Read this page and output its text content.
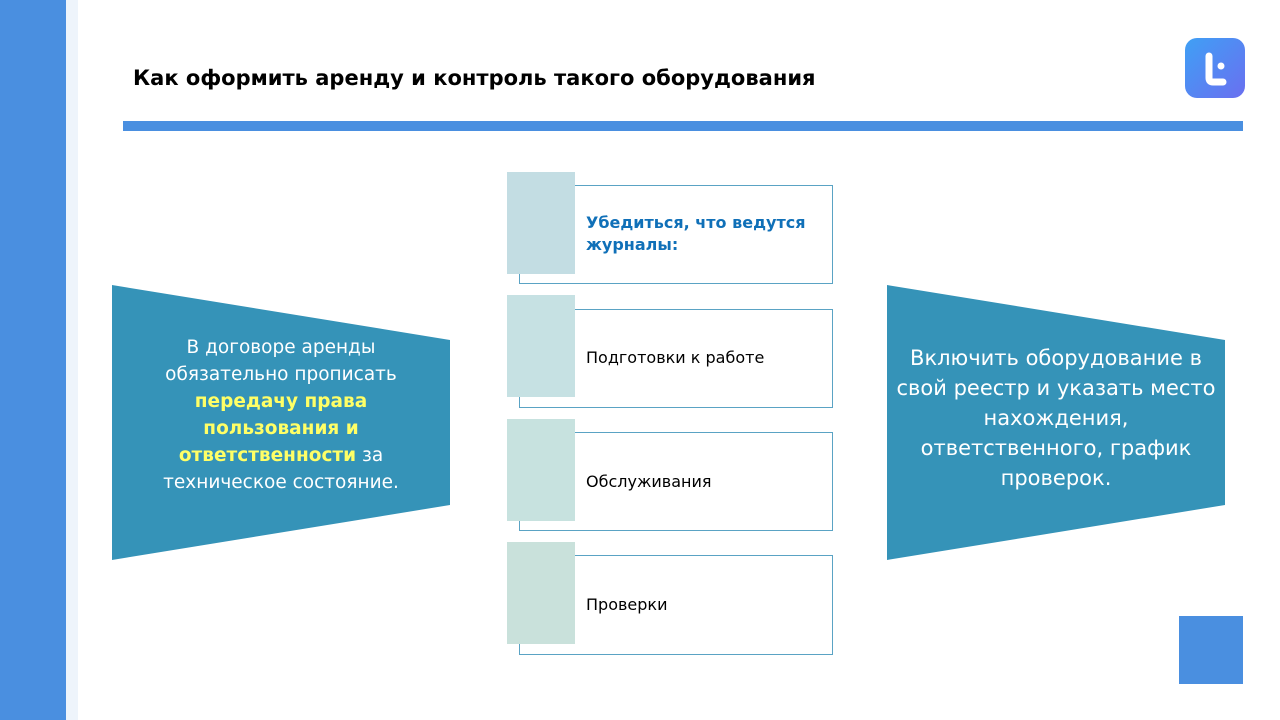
Как оформить аренду и контроль такого оборудования
В договоре аренды
обязательно прописать
передачу права
пользования и
ответственности за
техническое состояние.
Убедиться, что ведутся журналы:
Подготовки к работе
Обслуживания
Проверки
Включить оборудование в свой реестр и указать место нахождения, ответственного, график проверок.
